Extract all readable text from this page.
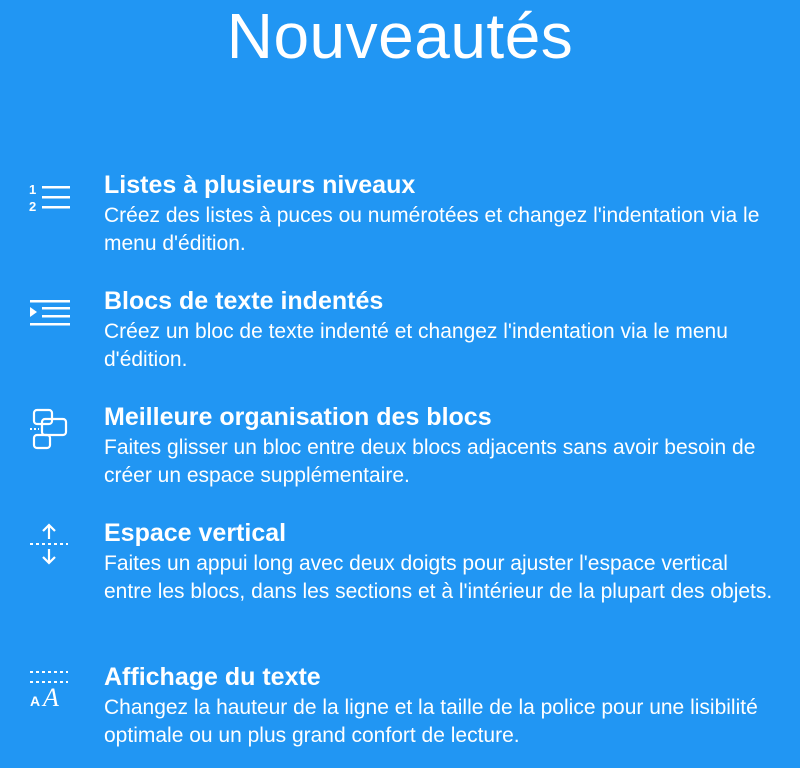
Nouveautés
1
2
Listes à plusieurs niveaux
Créez des listes à puces ou numérotées et changez l'indentation via le menu d'édition.
Blocs de texte indentés
Créez un bloc de texte indenté et changez l'indentation via le menu d'édition.
Meilleure organisation des blocs
Faites glisser un bloc entre deux blocs adjacents sans avoir besoin de créer un espace supplémentaire.
Espace vertical
Faites un appui long avec deux doigts pour ajuster l'espace vertical entre les blocs, dans les sections et à l'intérieur de la plupart des objets.
A A
Affichage du texte
Changez la hauteur de la ligne et la taille de la police pour une lisibilité optimale ou un plus grand confort de lecture.
